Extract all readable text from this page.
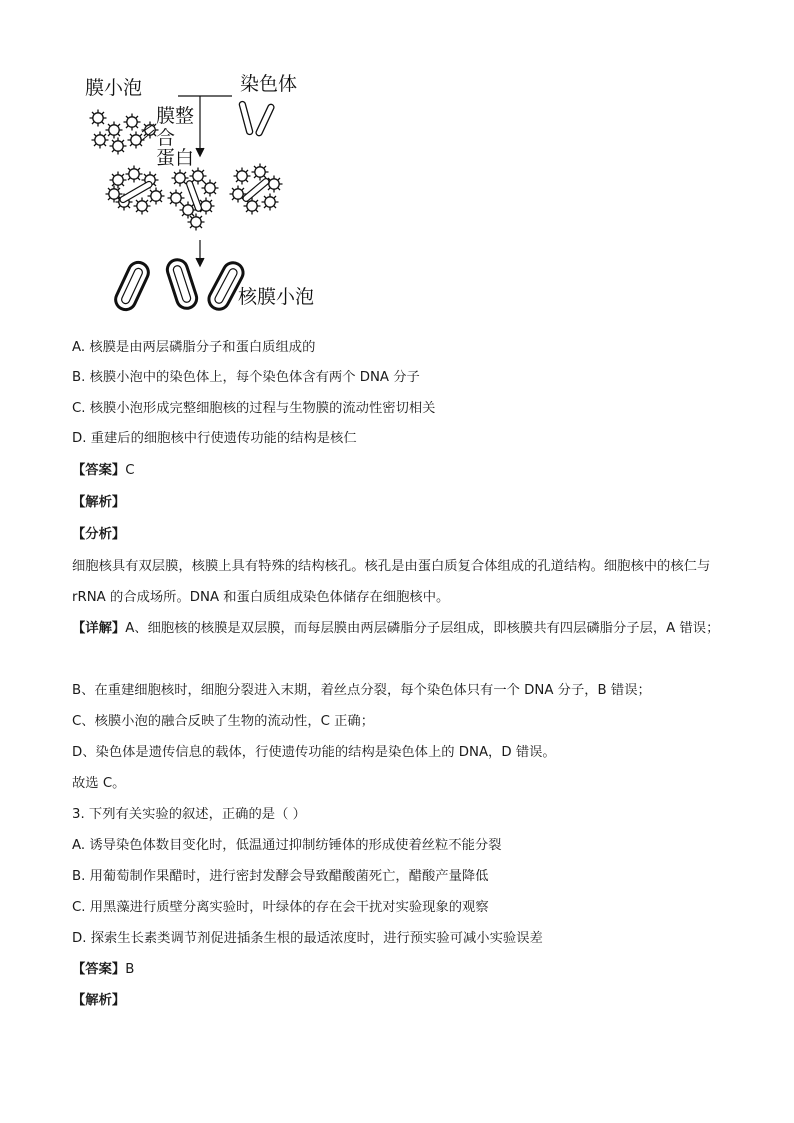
膜小泡	染色体
膜整
合
蛋白
核膜小泡
A. 核膜是由两层磷脂分子和蛋白质组成的
B. 核膜小泡中的染色体上，每个染色体含有两个 DNA 分子
C. 核膜小泡形成完整细胞核的过程与生物膜的流动性密切相关
D. 重建后的细胞核中行使遗传功能的结构是核仁
【答案】C
【解析】
【分析】
细胞核具有双层膜，核膜上具有特殊的结构核孔。核孔是由蛋白质复合体组成的孔道结构。细胞核中的核仁与 rRNA 的合成场所。DNA 和蛋白质组成染色体储存在细胞核中。
【详解】A、细胞核的核膜是双层膜，而每层膜由两层磷脂分子层组成，即核膜共有四层磷脂分子层，A 错误；
B、在重建细胞核时，细胞分裂进入末期，着丝点分裂，每个染色体只有一个 DNA 分子，B 错误；
C、核膜小泡的融合反映了生物的流动性，C 正确；
D、染色体是遗传信息的载体，行使遗传功能的结构是染色体上的 DNA，D 错误。
故选 C。
3. 下列有关实验的叙述，正确的是（ ）
A. 诱导染色体数目变化时，低温通过抑制纺锤体的形成使着丝粒不能分裂
B. 用葡萄制作果醋时，进行密封发酵会导致醋酸菌死亡，醋酸产量降低
C. 用黑藻进行质壁分离实验时，叶绿体的存在会干扰对实验现象的观察
D. 探索生长素类调节剂促进插条生根的最适浓度时，进行预实验可减小实验误差
【答案】B
【解析】
